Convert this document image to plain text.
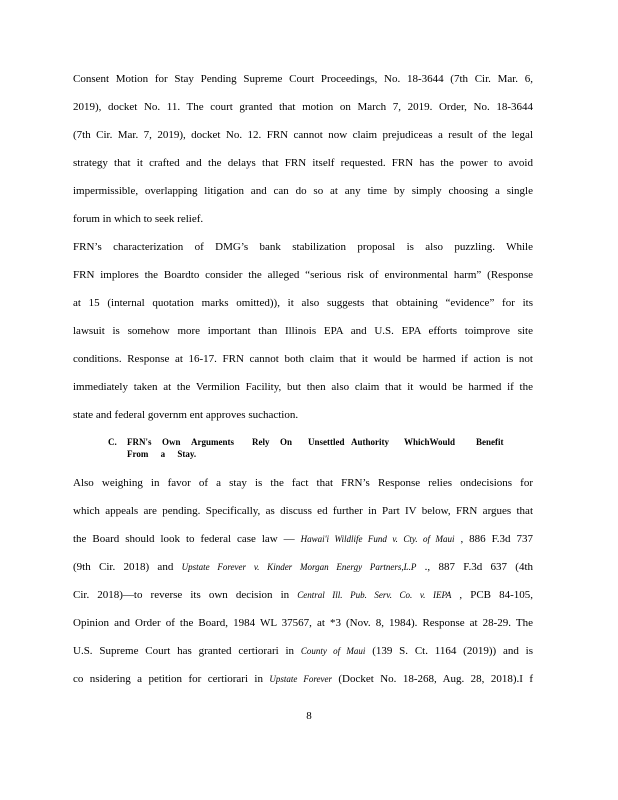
Consent Motion for Stay Pending Supreme Court Proceedings, No. 18-3644 (7th Cir. Mar. 6,
2019), docket No. 11. The court granted that motion on March 7, 2019. Order, No. 18-3644
(7th Cir. Mar. 7, 2019), docket No. 12. FRN cannot now claim prejudiceas a result of the legal
strategy that it crafted and the delays that FRN itself requested. FRN has the power to avoid
impermissible, overlapping litigation and can do so at any time by simply choosing a single
forum in which to seek relief.
FRN’s characterization of DMG’s bank stabilization proposal is also puzzling. While
FRN implores the Boardto consider the alleged “serious risk of environmental harm” (Response
at 15 (internal quotation marks omitted)), it also suggests that obtaining “evidence” for its
lawsuit is somehow more important than Illinois EPA and U.S. EPA efforts toimprove site
conditions. Response at 16-17. FRN cannot both claim that it would be harmed if action is not
immediately taken at the Vermilion Facility, but then also claim that it would be harmed if the
state and federal governm ent approves suchaction.
C. FRN's Own Arguments Rely On Unsettled Authority WhichWould Benefit
From a Stay.
Also weighing in favor of a stay is the fact that FRN’s Response relies ondecisions for
which appeals are pending. Specifically, as discuss ed further in Part IV below, FRN argues that
the Board should look to federal case law — Hawai'i Wildlife Fund v. Cty. of Maui , 886 F.3d 737
(9th Cir. 2018) and Upstate Forever v. Kinder Morgan Energy Partners,L.P ., 887 F.3d 637 (4th
Cir. 2018)—to reverse its own decision in Central Ill. Pub. Serv. Co. v. IEPA , PCB 84-105,
Opinion and Order of the Board, 1984 WL 37567, at *3 (Nov. 8, 1984). Response at 28-29. The
U.S. Supreme Court has granted certiorari in County of Maui (139 S. Ct. 1164 (2019)) and is
co nsidering a petition for certiorari in Upstate Forever (Docket No. 18-268, Aug. 28, 2018).I f
8
